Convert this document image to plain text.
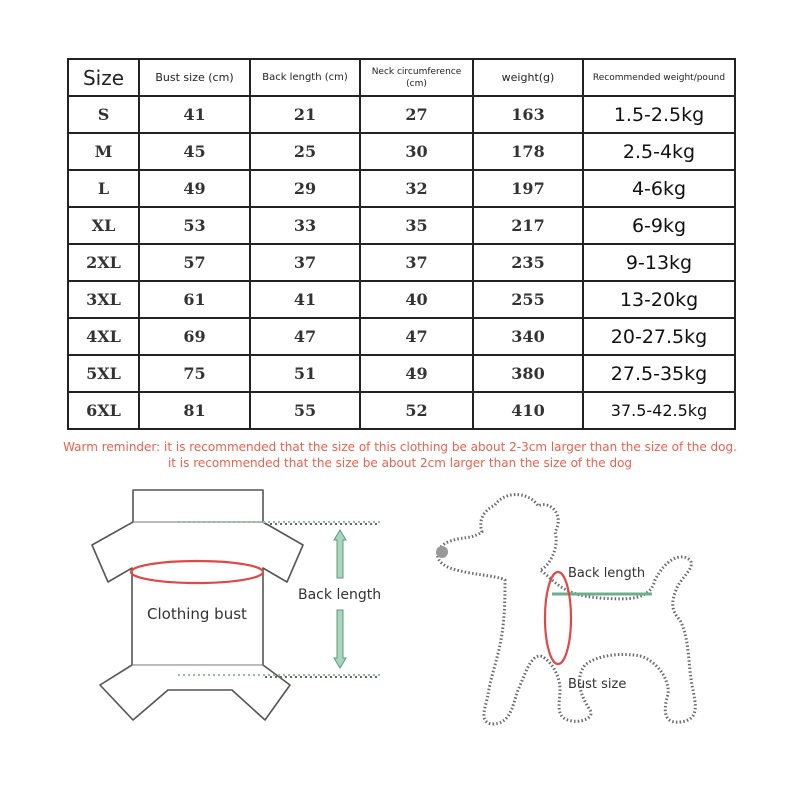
Size	Bust size (cm)	Back length (cm)	Neck circumference (cm)	weight(g)	Recommended weight/pound
S	41	21	27	163	1.5-2.5kg
M	45	25	30	178	2.5-4kg
L	49	29	32	197	4-6kg
XL	53	33	35	217	6-9kg
2XL	57	37	37	235	9-13kg
3XL	61	41	40	255	13-20kg
4XL	69	47	47	340	20-27.5kg
5XL	75	51	49	380	27.5-35kg
6XL	81	55	52	410	37.5-42.5kg
Warm reminder: it is recommended that the size of this clothing be about 2-3cm larger than the size of the dog.
it is recommended that the size be about 2cm larger than the size of the dog
Clothing bust
Back length
Back length
Bust size
